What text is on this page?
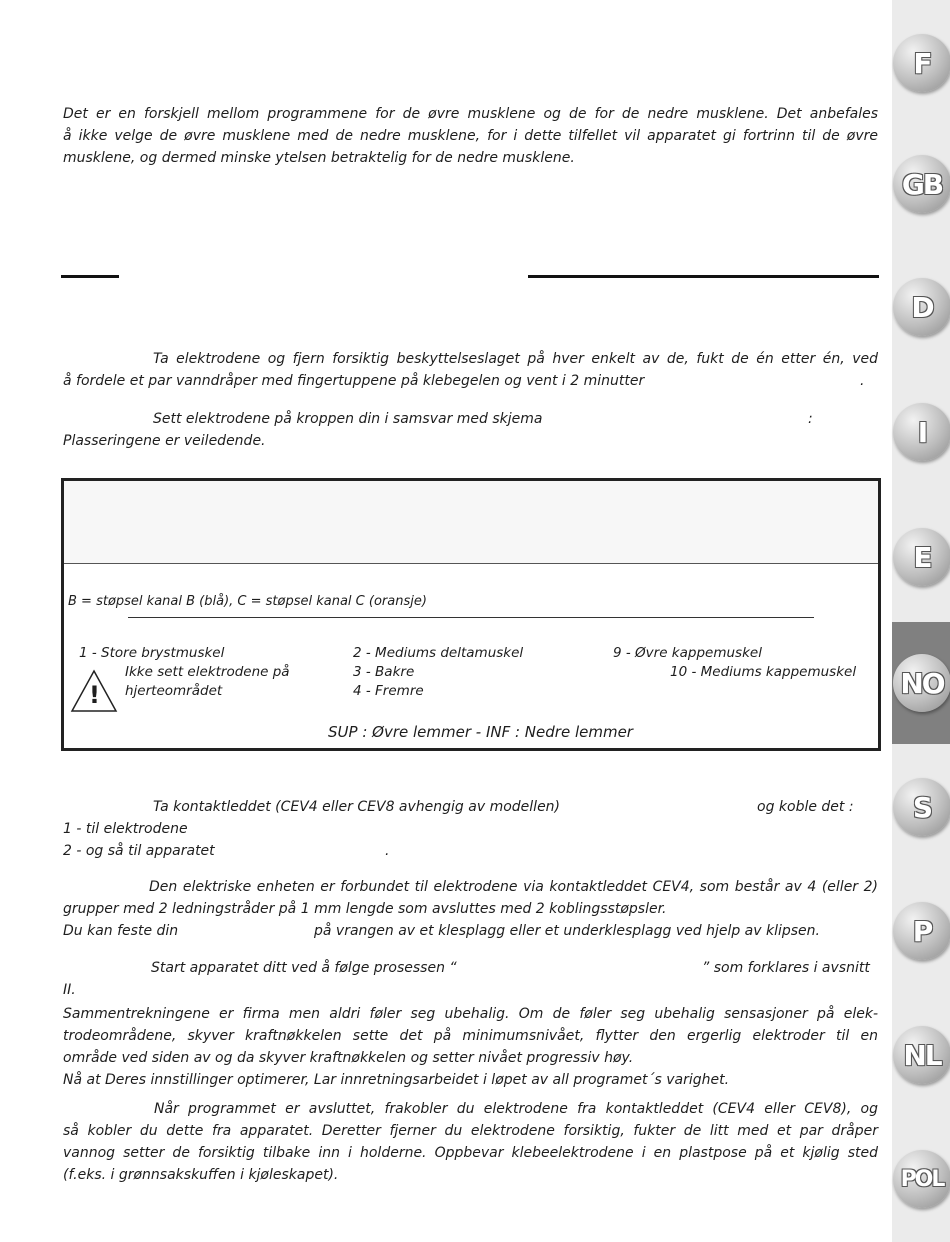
Det er en forskjell mellom programmene for de øvre musklene og de for de nedre musklene. Det anbefales
å ikke velge de øvre musklene med de nedre musklene, for i dette tilfellet vil apparatet gi fortrinn til de øvre
musklene, og dermed minske ytelsen betraktelig for de nedre musklene.
Ta elektrodene og fjern forsiktig beskyttelseslaget på hver enkelt av de, fukt de én etter én, ved
å fordele et par vanndråper med fingertuppene på klebegelen og vent i 2 minutter	.
Sett elektrodene på kroppen din i samsvar med skjema	:
Plasseringene er veiledende.
B = støpsel kanal B (blå), C = støpsel kanal C (oransje)
1 - Store brystmuskel
Ikke sett elektrodene på
hjerteområdet
2 - Mediums deltamuskel
3 - Bakre
4 - Fremre
9 - Øvre kappemuskel
10 - Mediums kappemuskel
!
SUP : Øvre lemmer - INF : Nedre lemmer
Ta kontaktleddet (CEV4 eller CEV8 avhengig av modellen)	og koble det :
1 - til elektrodene
2 - og så til apparatet	.
Den elektriske enheten er forbundet til elektrodene via kontaktleddet CEV4, som består av 4 (eller 2)
grupper med 2 ledningstråder på 1 mm lengde som avsluttes med 2 koblingsstøpsler.
Du kan feste din	på vrangen av et klesplagg eller et underklesplagg ved hjelp av klipsen.
Start apparatet ditt ved å følge prosessen “	” som forklares i avsnitt
II.
Sammentrekningene er firma men aldri føler seg ubehalig. Om de føler seg ubehalig sensasjoner på elek-
trodeområdene, skyver kraftnøkkelen sette det på minimumsnivået, flytter den ergerlig elektroder til en
område ved siden av og da skyver kraftnøkkelen og setter nivået progressiv høy.
Nå at Deres innstillinger optimerer, Lar innretningsarbeidet i løpet av all programet´s varighet.
Når programmet er avsluttet, frakobler du elektrodene fra kontaktleddet (CEV4 eller CEV8), og
så kobler du dette fra apparatet. Deretter fjerner du elektrodene forsiktig, fukter de litt med et par dråper
vannog setter de forsiktig tilbake inn i holderne. Oppbevar klebeelektrodene i en plastpose på et kjølig sted
(f.eks. i grønnsakskuffen i kjøleskapet).
F
GB
D
I
E
NO
S
P
NL
POL
